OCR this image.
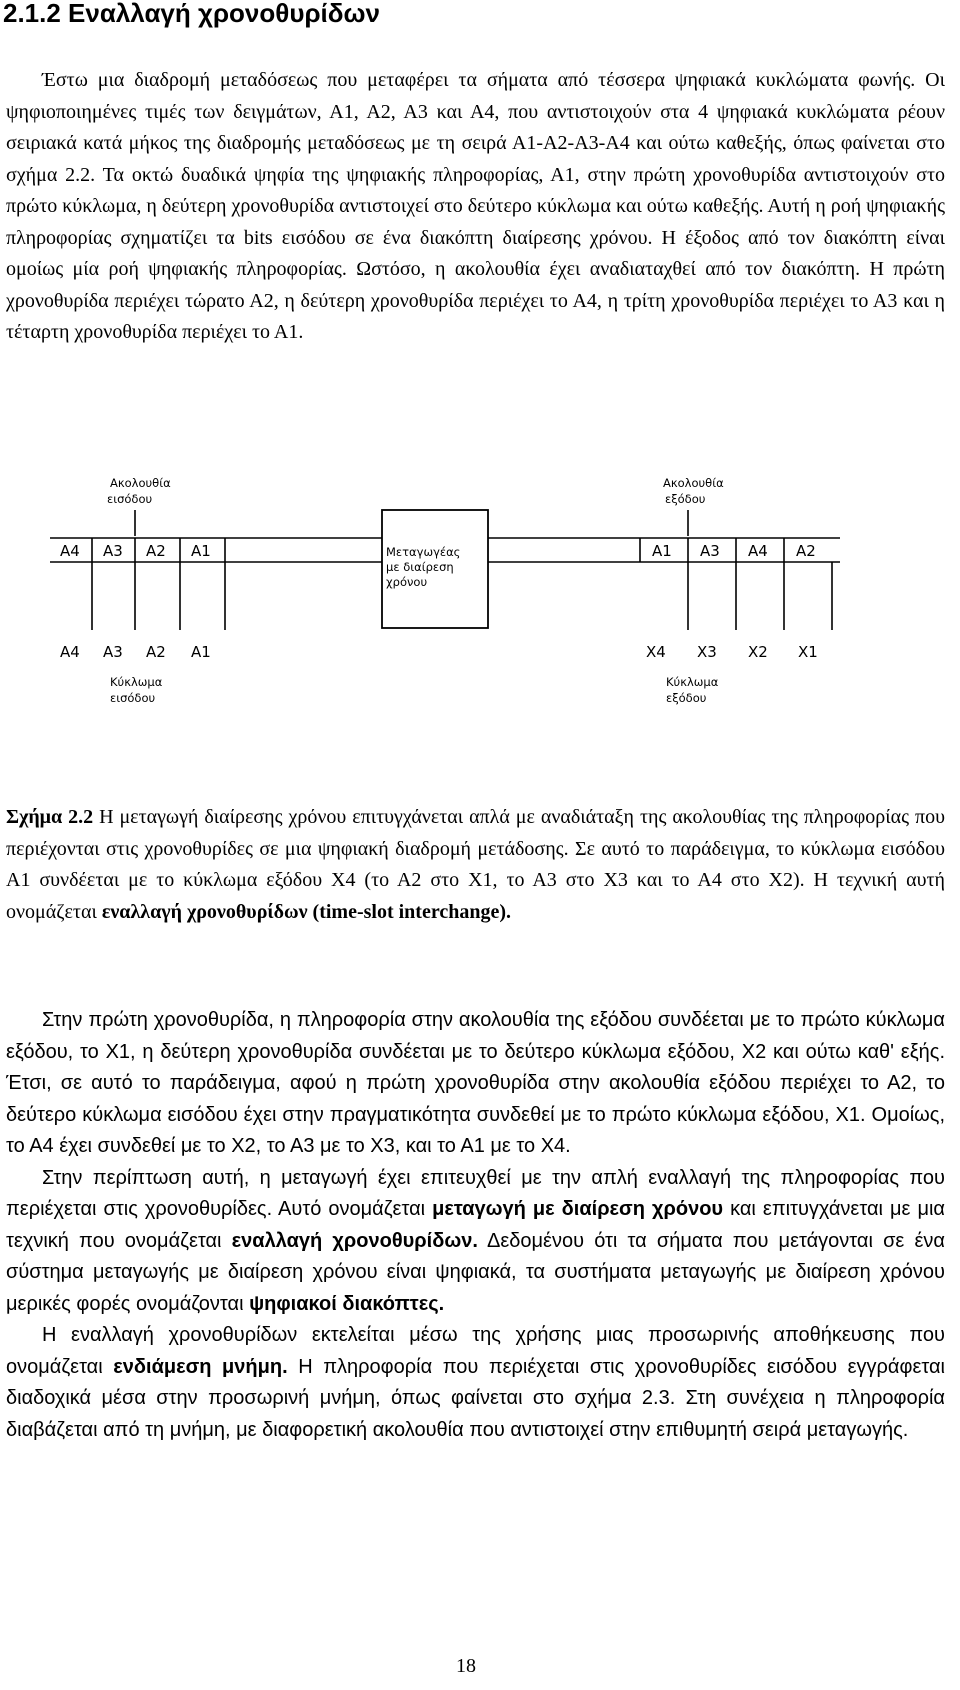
2.1.2 Εναλλαγή χρονοθυρίδων

Έστω μια διαδρομή μεταδόσεως που μεταφέρει τα σήματα από τέσσερα ψηφιακά κυκλώματα φωνής. Οι ψηφιοποιημένες τιμές των δειγμάτων, Α1, Α2, Α3 και Α4, που αντιστοιχούν στα 4 ψηφιακά κυκλώματα ρέουν σειριακά κατά μήκος της διαδρομής μεταδόσεως με τη σειρά Α1-Α2-Α3-Α4 και ούτω καθεξής, όπως φαίνεται στο σχήμα 2.2. Τα οκτώ δυαδικά ψηφία της ψηφιακής πληροφορίας, Α1, στην πρώτη χρονοθυρίδα αντιστοιχούν στο πρώτο κύκλωμα, η δεύτερη χρονοθυρίδα αντιστοιχεί στο δεύτερο κύκλωμα και ούτω καθεξής. Αυτή η ροή ψηφιακής πληροφορίας σχηματίζει τα bits εισόδου σε ένα διακόπτη διαίρεσης χρόνου. Η έξοδος από τον διακόπτη είναι ομοίως μία ροή ψηφιακής πληροφορίας. Ωστόσο, η ακολουθία έχει αναδιαταχθεί από τον διακόπτη. Η πρώτη χρονοθυρίδα περιέχει τώρατο Α2, η δεύτερη χρονοθυρίδα περιέχει το Α4, η τρίτη χρονοθυρίδα περιέχει το Α3 και η τέταρτη χρονοθυρίδα περιέχει το Α1.

Ακολουθία
εισόδου
A4 A3 A2 A1
A4 A3 A2 A1
Κύκλωμα
εισόδου
Μεταγωγέας
με διαίρεση
χρόνου
Ακολουθία
εξόδου
A1 A3 A4 A2
X4 X3 X2 X1
Κύκλωμα
εξόδου

Σχήμα 2.2 Η μεταγωγή διαίρεσης χρόνου επιτυγχάνεται απλά με αναδιάταξη της ακολουθίας της πληροφορίας που περιέχονται στις χρονοθυρίδες σε μια ψηφιακή διαδρομή μετάδοσης. Σε αυτό το παράδειγμα, το κύκλωμα εισόδου Α1 συνδέεται με το κύκλωμα εξόδου Χ4 (το Α2 στο Χ1, το Α3 στο Χ3 και το Α4 στο Χ2). Η τεχνική αυτή ονομάζεται εναλλαγή χρονοθυρίδων (time-slot interchange).

Στην πρώτη χρονοθυρίδα, η πληροφορία στην ακολουθία της εξόδου συνδέεται με το πρώτο κύκλωμα εξόδου, το Χ1, η δεύτερη χρονοθυρίδα συνδέεται με το δεύτερο κύκλωμα εξόδου, Χ2 και ούτω καθ' εξής. Έτσι, σε αυτό το παράδειγμα, αφού η πρώτη χρονοθυρίδα στην ακολουθία εξόδου περιέχει το Α2, το δεύτερο κύκλωμα εισόδου έχει στην πραγματικότητα συνδεθεί με το πρώτο κύκλωμα εξόδου, Χ1. Ομοίως, το Α4 έχει συνδεθεί με το Χ2, το Α3 με το Χ3, και το Α1 με το Χ4.
Στην περίπτωση αυτή, η μεταγωγή έχει επιτευχθεί με την απλή εναλλαγή της πληροφορίας που περιέχεται στις χρονοθυρίδες. Αυτό ονομάζεται μεταγωγή με διαίρεση χρόνου και επιτυγχάνεται με μια τεχνική που ονομάζεται εναλλαγή χρονοθυρίδων. Δεδομένου ότι τα σήματα που μετάγονται σε ένα σύστημα μεταγωγής με διαίρεση χρόνου είναι ψηφιακά, τα συστήματα μεταγωγής με διαίρεση χρόνου μερικές φορές ονομάζονται ψηφιακοί διακόπτες.
Η εναλλαγή χρονοθυρίδων εκτελείται μέσω της χρήσης μιας προσωρινής αποθήκευσης που ονομάζεται ενδιάμεση μνήμη. Η πληροφορία που περιέχεται στις χρονοθυρίδες εισόδου εγγράφεται διαδοχικά μέσα στην προσωρινή μνήμη, όπως φαίνεται στο σχήμα 2.3. Στη συνέχεια η πληροφορία διαβάζεται από τη μνήμη, με διαφορετική ακολουθία που αντιστοιχεί στην επιθυμητή σειρά μεταγωγής.
18
